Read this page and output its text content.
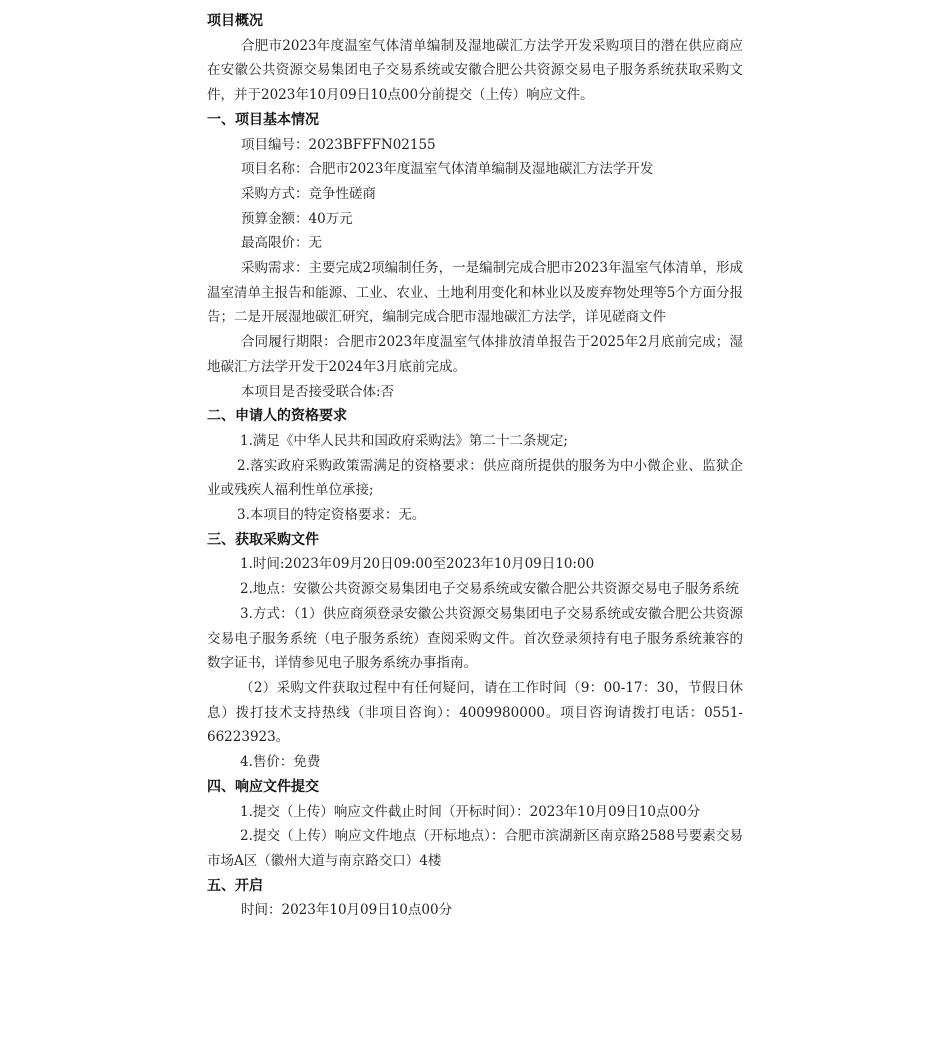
项目概况
合肥市2023年度温室气体清单编制及湿地碳汇方法学开发采购项目的潜在供应商应在安徽公共资源交易集团电子交易系统或安徽合肥公共资源交易电子服务系统获取采购文件，并于2023年10月09日10点00分前提交（上传）响应文件。
一、项目基本情况
项目编号：2023BFFFN02155
项目名称：合肥市2023年度温室气体清单编制及湿地碳汇方法学开发
采购方式：竞争性磋商
预算金额：40万元
最高限价：无
采购需求：主要完成2项编制任务，一是编制完成合肥市2023年温室气体清单，形成温室清单主报告和能源、工业、农业、土地利用变化和林业以及废弃物处理等5个方面分报告；二是开展湿地碳汇研究，编制完成合肥市湿地碳汇方法学，详见磋商文件
合同履行期限：合肥市2023年度温室气体排放清单报告于2025年2月底前完成；湿地碳汇方法学开发于2024年3月底前完成。
本项目是否接受联合体:否
二、申请人的资格要求
1.满足《中华人民共和国政府采购法》第二十二条规定;
2.落实政府采购政策需满足的资格要求：供应商所提供的服务为中小微企业、监狱企业或残疾人福利性单位承接;
3.本项目的特定资格要求：无。
三、获取采购文件
1.时间:2023年09月20日09:00至2023年10月09日10:00
2.地点：安徽公共资源交易集团电子交易系统或安徽合肥公共资源交易电子服务系统
3.方式：（1）供应商须登录安徽公共资源交易集团电子交易系统或安徽合肥公共资源交易电子服务系统（电子服务系统）查阅采购文件。首次登录须持有电子服务系统兼容的数字证书，详情参见电子服务系统办事指南。
（2）采购文件获取过程中有任何疑问，请在工作时间（9：00-17：30，节假日休息）拨打技术支持热线（非项目咨询）：4009980000。项目咨询请拨打电话：0551-66223923。
4.售价：免费
四、响应文件提交
1.提交（上传）响应文件截止时间（开标时间）：2023年10月09日10点00分
2.提交（上传）响应文件地点（开标地点）：合肥市滨湖新区南京路2588号要素交易市场A区（徽州大道与南京路交口）4楼
五、开启
时间：2023年10月09日10点00分
